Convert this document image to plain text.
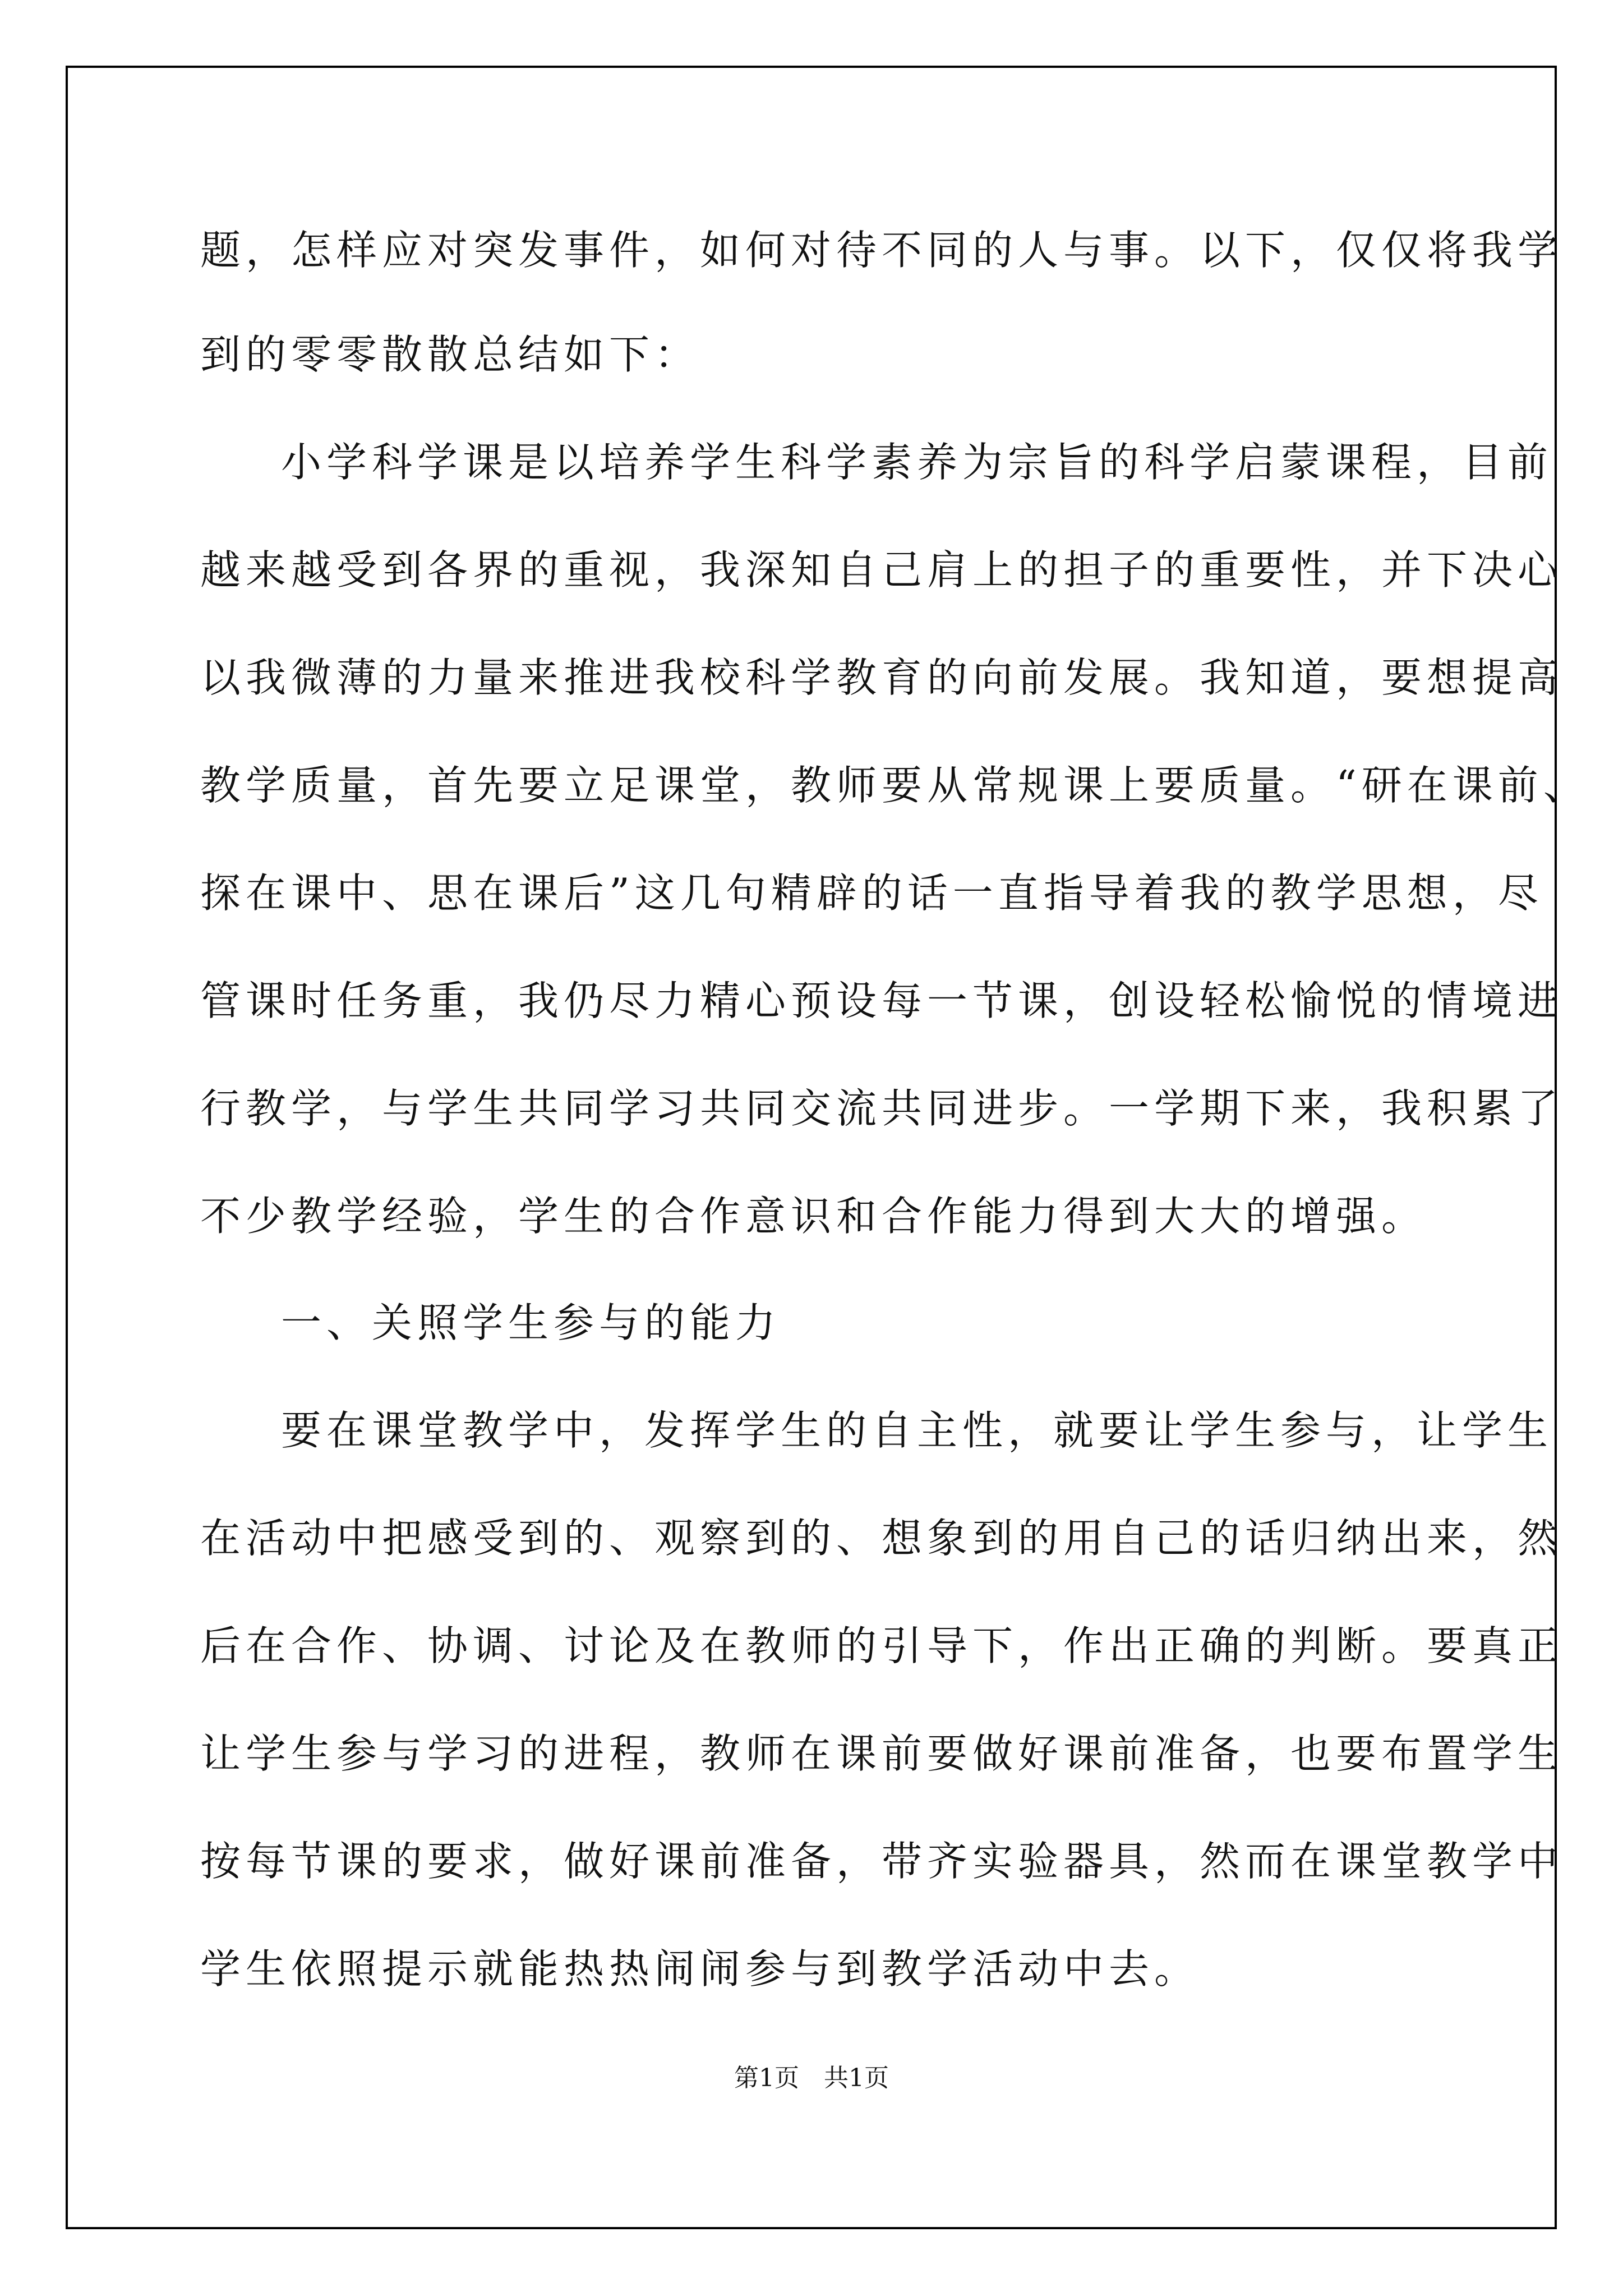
题，怎样应对突发事件，如何对待不同的人与事。以下，仅仅将我学
到的零零散散总结如下：
小学科学课是以培养学生科学素养为宗旨的科学启蒙课程，目前
越来越受到各界的重视，我深知自己肩上的担子的重要性，并下决心
以我微薄的力量来推进我校科学教育的向前发展。我知道，要想提高
教学质量，首先要立足课堂，教师要从常规课上要质量。“研在课前、
探在课中、思在课后”这几句精辟的话一直指导着我的教学思想，尽
管课时任务重，我仍尽力精心预设每一节课，创设轻松愉悦的情境进
行教学，与学生共同学习共同交流共同进步。一学期下来，我积累了
不少教学经验，学生的合作意识和合作能力得到大大的增强。
一、关照学生参与的能力
要在课堂教学中，发挥学生的自主性，就要让学生参与，让学生
在活动中把感受到的、观察到的、想象到的用自己的话归纳出来，然
后在合作、协调、讨论及在教师的引导下，作出正确的判断。要真正
让学生参与学习的进程，教师在课前要做好课前准备，也要布置学生
按每节课的要求，做好课前准备，带齐实验器具，然而在课堂教学中
学生依照提示就能热热闹闹参与到教学活动中去。
第1页　共1页
